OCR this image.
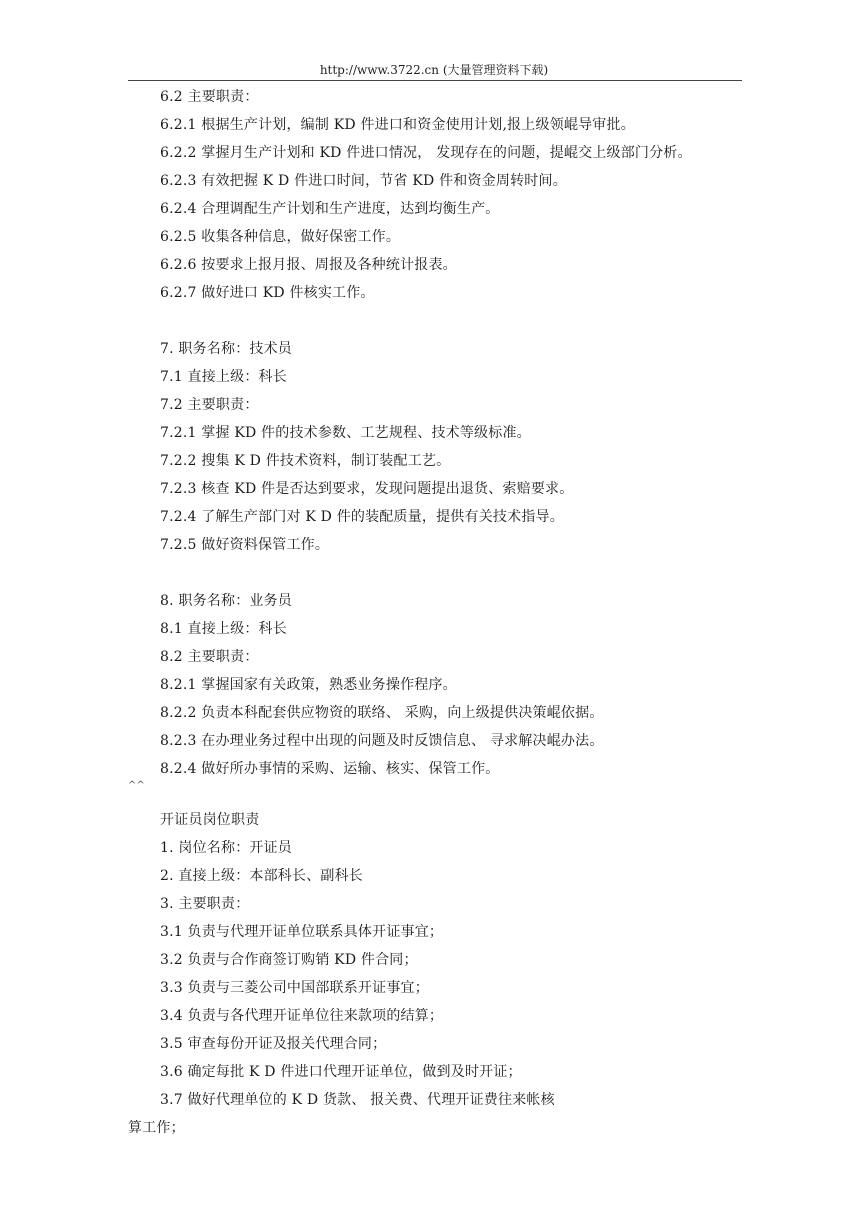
http://www.3722.cn (大量管理资料下载)
6.2 主要职责：
6.2.1 根据生产计划，编制 KD 件进口和资金使用计划,报上级领崐导审批。
6.2.2 掌握月生产计划和 KD 件进口情况， 发现存在的问题，提崐交上级部门分析。
6.2.3 有效把握 K D 件进口时间，节省 KD 件和资金周转时间。
6.2.4 合理调配生产计划和生产进度，达到均衡生产。
6.2.5 收集各种信息，做好保密工作。
6.2.6 按要求上报月报、周报及各种统计报表。
6.2.7 做好进口 KD 件核实工作。
7. 职务名称：技术员
7.1 直接上级：科长
7.2 主要职责：
7.2.1 掌握 KD 件的技术参数、工艺规程、技术等级标准。
7.2.2 搜集 K D 件技术资料，制订装配工艺。
7.2.3 核查 KD 件是否达到要求，发现问题提出退货、索赔要求。
7.2.4 了解生产部门对 K D 件的装配质量，提供有关技术指导。
7.2.5 做好资料保管工作。
8. 职务名称：业务员
8.1 直接上级：科长
8.2 主要职责：
8.2.1 掌握国家有关政策，熟悉业务操作程序。
8.2.2 负责本科配套供应物资的联络、 采购，向上级提供决策崐依据。
8.2.3 在办理业务过程中出现的问题及时反馈信息、 寻求解决崐办法。
8.2.4 做好所办事情的采购、运输、核实、保管工作。
^^
开证员岗位职责
1. 岗位名称：开证员
2. 直接上级：本部科长、副科长
3. 主要职责：
3.1 负责与代理开证单位联系具体开证事宜；
3.2 负责与合作商签订购销 KD 件合同；
3.3 负责与三菱公司中国部联系开证事宜；
3.4 负责与各代理开证单位往来款项的结算；
3.5 审查每份开证及报关代理合同；
3.6 确定每批 K D 件进口代理开证单位，做到及时开证；
3.7 做好代理单位的 K D 货款、 报关费、代理开证费往来帐核
算工作；
